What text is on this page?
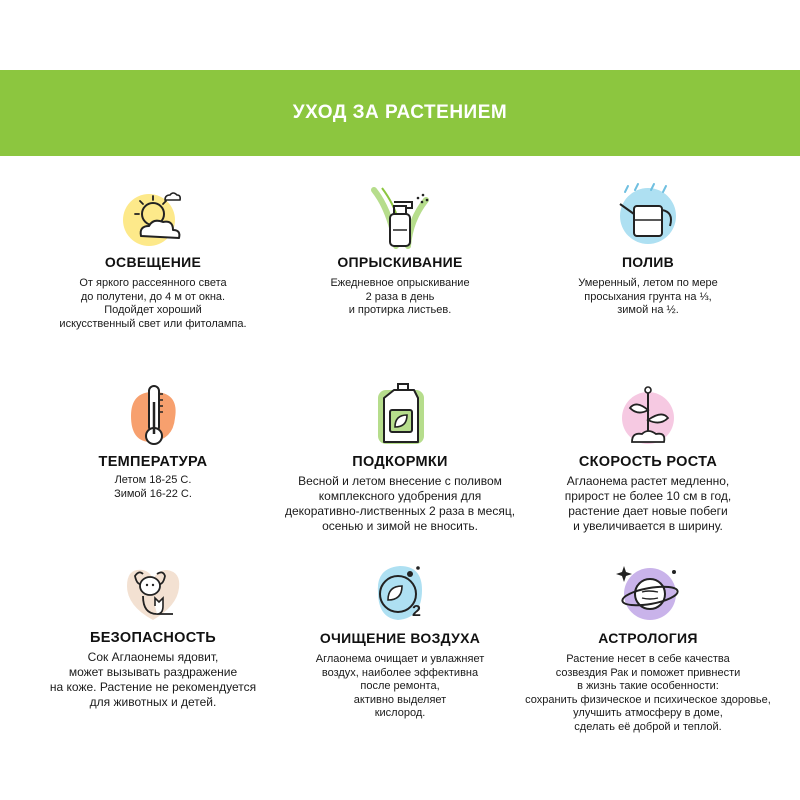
УХОД ЗА РАСТЕНИЕМ
ОСВЕЩЕНИЕ
От яркого рассеянного света
до полутени, до 4 м от окна.
Подойдет хороший
искусственный свет или фитолампа.
ОПРЫСКИВАНИЕ
Ежедневное опрыскивание
2 раза в день
и протирка листьев.
ПОЛИВ
Умеренный, летом по мере
просыхания грунта на ⅓,
зимой на ½.
ТЕМПЕРАТУРА
Летом 18-25 С.
Зимой 16-22 С.
ПОДКОРМКИ
Весной и летом внесение с поливом
комплексного удобрения для
декоративно-лиственных 2 раза в месяц,
осенью и зимой не вносить.
СКОРОСТЬ РОСТА
Аглаонема растет медленно,
прирост не более 10 см в год,
растение дает новые побеги
и увеличивается в ширину.
БЕЗОПАСНОСТЬ
Сок Аглаонемы ядовит,
может вызывать раздражение
на коже. Растение не рекомендуется
для животных и детей.
2
ОЧИЩЕНИЕ ВОЗДУХА
Аглаонема очищает и увлажняет
воздух, наиболее эффективна
после ремонта,
активно выделяет
кислород.
АСТРОЛОГИЯ
Растение несет в себе качества
созвездия Рак и поможет привнести
в жизнь такие особенности:
сохранить физическое и психическое здоровье,
улучшить атмосферу в доме,
сделать её доброй и теплой.
